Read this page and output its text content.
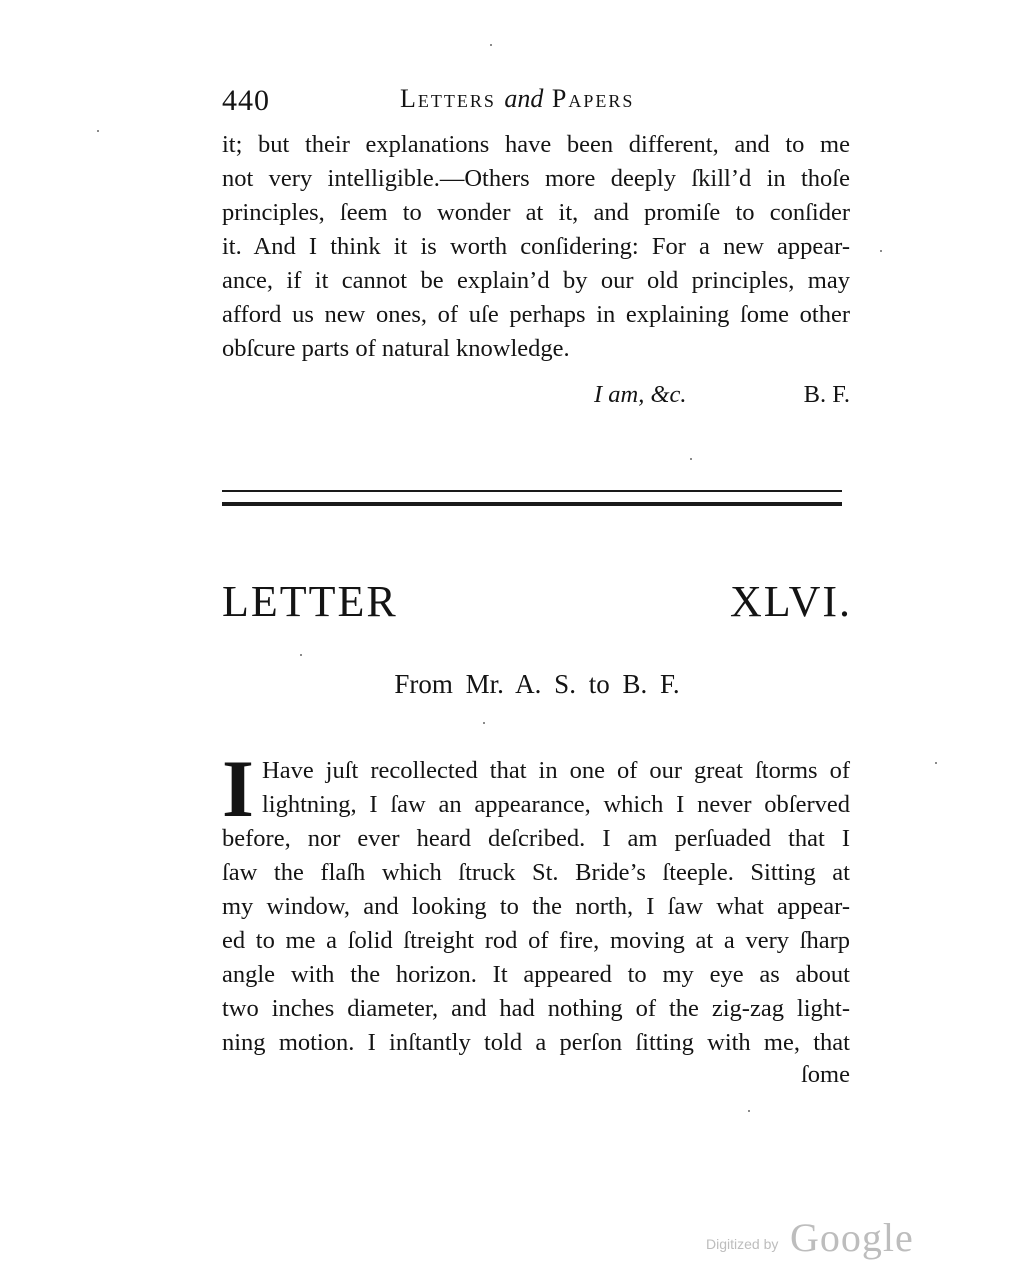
440	Letters and Papers
it; but their explanations have been different, and to me
not very intelligible.—Others more deeply ſkill’d in thoſe
principles, ſeem to wonder at it, and promiſe to conſider
it. And I think it is worth conſidering: For a new appear-
ance, if it cannot be explain’d by our old principles, may
afford us new ones, of uſe perhaps in explaining ſome other
obſcure parts of natural knowledge.
I am, &c.	B. F.
LETTER XLVI.
From Mr. A. S. to B. F.
I Have juſt recollected that in one of our great ſtorms of
lightning, I ſaw an appearance, which I never obſerved
before, nor ever heard deſcribed. I am perſuaded that I
ſaw the flaſh which ſtruck St. Bride’s ſteeple. Sitting at
my window, and looking to the north, I ſaw what appear-
ed to me a ſolid ſtreight rod of fire, moving at a very ſharp
angle with the horizon. It appeared to my eye as about
two inches diameter, and had nothing of the zig-zag light-
ning motion. I inſtantly told a perſon ſitting with me, that
ſome
Digitized by Google
